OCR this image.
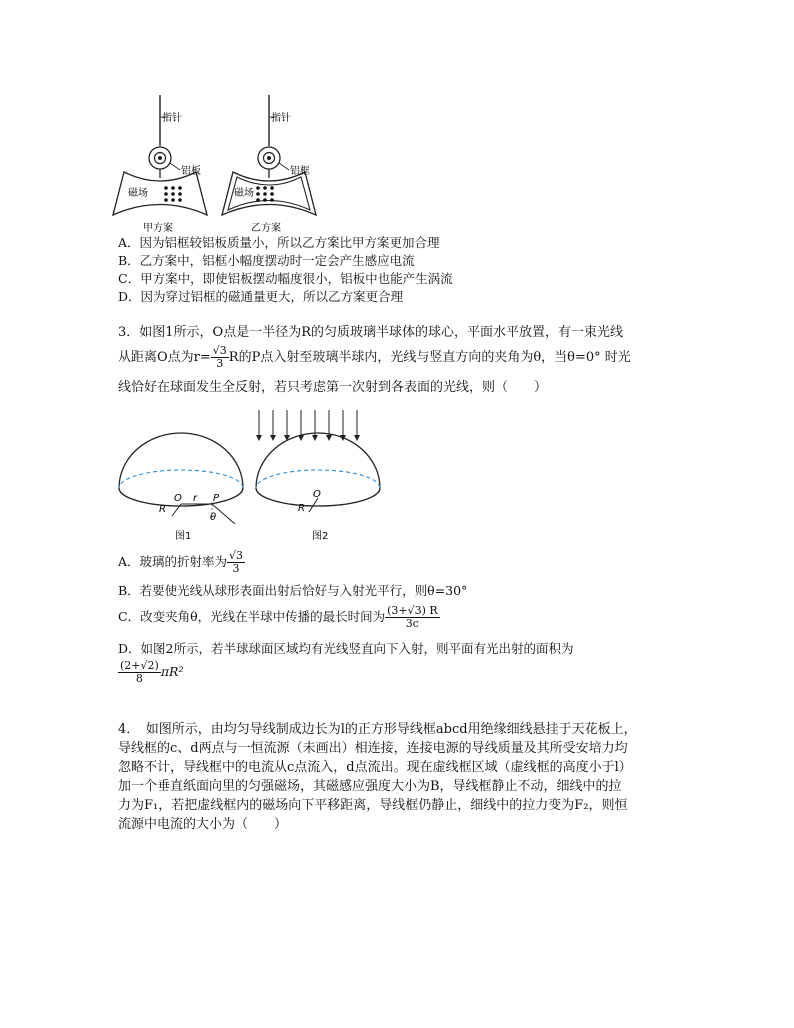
指针	指针
铝板	铝框
磁场	磁场
甲方案	乙方案
A．因为铝框较铝板质量小，所以乙方案比甲方案更加合理
B．乙方案中，铝框小幅度摆动时一定会产生感应电流
C．甲方案中，即使铝板摆动幅度很小，铝板中也能产生涡流
D．因为穿过铝框的磁通量更大，所以乙方案更合理
3．如图1所示，O点是一半径为R的匀质玻璃半球体的球心，平面水平放置，有一束光线
从距离O点为$r= \frac{√3}{3}$ R的P点入射至玻璃半球内，光线与竖直方向的夹角为θ，当θ=0° 时光
线恰好在球面发生全反射，若只考虑第一次射到各表面的光线，则（　　）
O r P
R
θ
图1
O
R
图2
A．玻璃的折射率为 $\frac{√3}{3}$
B．若要使光线从球形表面出射后恰好与入射光平行，则θ=30°
C．改变夹角θ，光线在半球中传播的最长时间为 $\frac{(3+√3) R}{3c}$
D．如图2所示，若半球球面区域均有光线竖直向下入射，则平面有光出射的面积为
$\frac{(2+√2)}{8} \pi R^2$
4．　如图所示，由均匀导线制成边长为l的正方形导线框abcd用绝缘细线悬挂于天花板上，
导线框的c、d两点与一恒流源（未画出）相连接，连接电源的导线质量及其所受安培力均
忽略不计，导线框中的电流从c点流入，d点流出。现在虚线框区域（虚线框的高度小于l）
加一个垂直纸面向里的匀强磁场，其磁感应强度大小为B，导线框静止不动，细线中的拉
力为F₁，若把虚线框内的磁场向下平移距离，导线框仍静止，细线中的拉力变为F₂，则恒
流源中电流的大小为（　　）
